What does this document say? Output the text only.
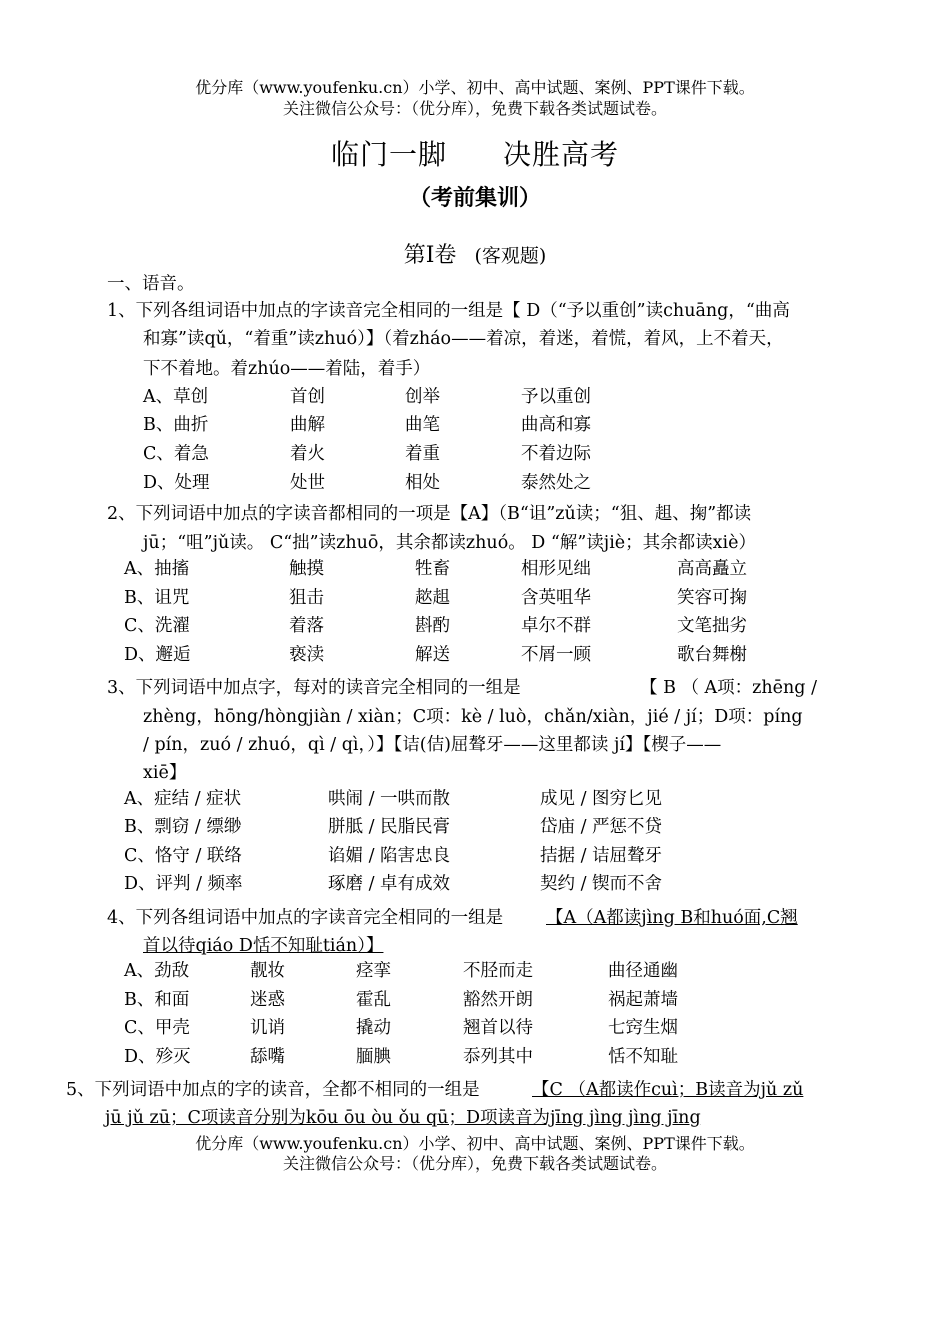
优分库（www.youfenku.cn）小学、初中、高中试题、案例、PPT课件下载。
关注微信公众号：（优分库），免费下载各类试题试卷。
临门一脚 决胜高考
（考前集训）
第Ⅰ卷 (客观题)
一、语音。
1、下列各组词语中加点的字读音完全相同的一组是【 D（“予以重创”读chuāng，“曲高
和寡”读qǔ，“着重”读zhuó）】（着zháo——着凉，着迷，着慌，着风，上不着天，
下不着地。着zhúo——着陆，着手）
A、草创	首创	创举	予以重创
B、曲折	曲解	曲笔	曲高和寡
C、着急	着火	着重	不着边际
D、处理	处世	相处	泰然处之
2、下列词语中加点的字读音都相同的一项是【A】（B“诅”zǔ读；“狙、趄、掬”都读
jū；“咀”jǔ读。 C“拙”读zhuō，其余都读zhuó。 D “解”读jiè；其余都读xiè）
A、抽搐	触摸	牲畜	相形见绌	高高矗立
B、诅咒	狙击	趑趄	含英咀华	笑容可掬
C、洗濯	着落	斟酌	卓尔不群	文笔拙劣
D、邂逅	亵渎	解送	不屑一顾	歌台舞榭
3、下列词语中加点字，每对的读音完全相同的一组是	【 B （ A项：zhēng /
zhèng，hōng/hòngjiàn / xiàn；C项：kè / luò，chǎn/xiàn，jié / jí；D项：píng
/ pín，zuó / zhuó，qì / qì，）】【诘(佶)屈聱牙——这里都读 jí】【楔子——
xiē】
A、症结 / 症状	哄闹 / 一哄而散	成见 / 图穷匕见
B、剽窃 / 缥缈	胼胝 / 民脂民膏	岱庙 / 严惩不贷
C、恪守 / 联络	谄媚 / 陷害忠良	拮据 / 诘屈聱牙
D、评判 / 频率	琢磨 / 卓有成效	契约 / 锲而不舍
4、下列各组词语中加点的字读音完全相同的一组是 【A（A都读jìng B和huó面,C翘
首以待qiáo D恬不知耻tián）】
A、劲敌	靓妆	痉挛	不胫而走	曲径通幽
B、和面	迷惑	霍乱	豁然开朗	祸起萧墙
C、甲壳	讥诮	撬动	翘首以待	七窍生烟
D、殄灭	舔嘴	腼腆	忝列其中	恬不知耻
5、下列词语中加点的字的读音，全都不相同的一组是	【C （A都读作cuì；B读音为jǔ zǔ
jū jǔ zū；C项读音分别为kōu ōu òu ǒu qū；D项读音为jīng jìng jìng jīng
优分库（www.youfenku.cn）小学、初中、高中试题、案例、PPT课件下载。
关注微信公众号：（优分库），免费下载各类试题试卷。
